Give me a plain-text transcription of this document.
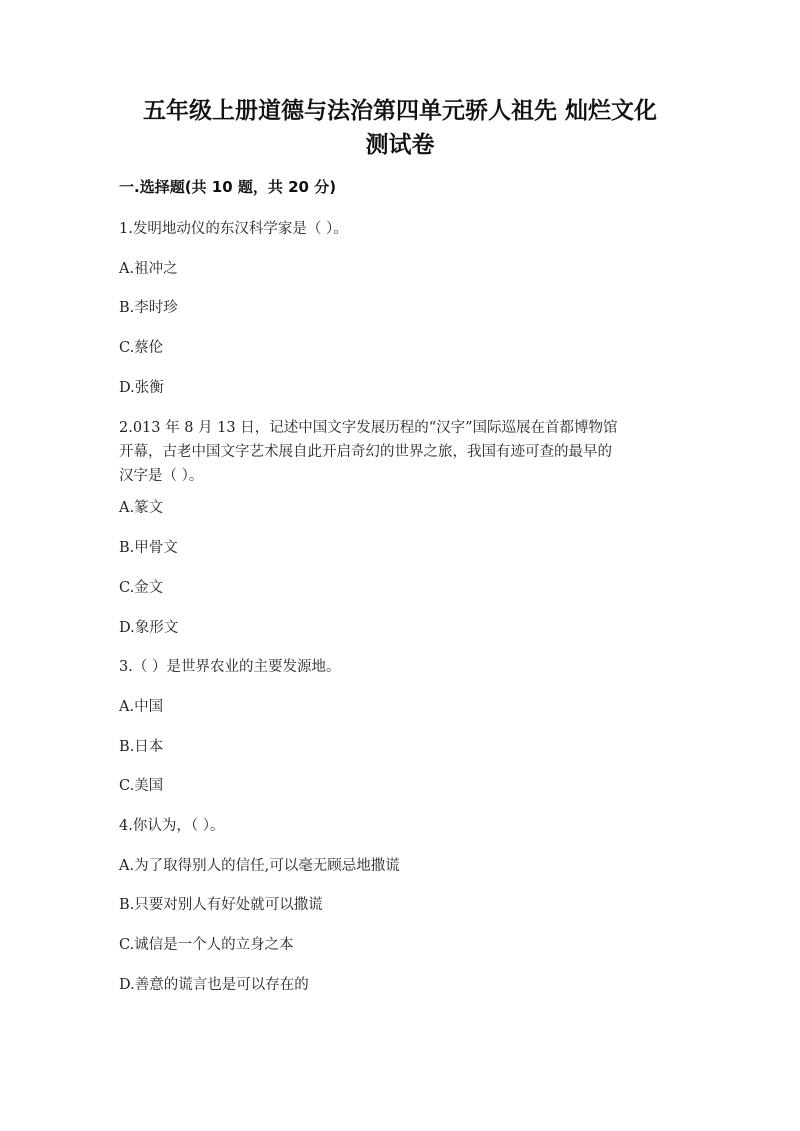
五年级上册道德与法治第四单元骄人祖先 灿烂文化
测试卷
一.选择题(共 10 题，共 20 分)

1.发明地动仪的东汉科学家是（ ）。

A.祖冲之

B.李时珍

C.蔡伦

D.张衡

2.013 年 8 月 13 日，记述中国文字发展历程的“汉字”国际巡展在首都博物馆

开幕，古老中国文字艺术展自此开启奇幻的世界之旅，我国有迹可查的最早的

汉字是（ ）。

A.篆文

B.甲骨文

C.金文

D.象形文

3.（ ）是世界农业的主要发源地。

A.中国

B.日本

C.美国

4.你认为，（ ）。

A.为了取得别人的信任,可以毫无顾忌地撒谎

B.只要对别人有好处就可以撒谎

C.诚信是一个人的立身之本

D.善意的谎言也是可以存在的
